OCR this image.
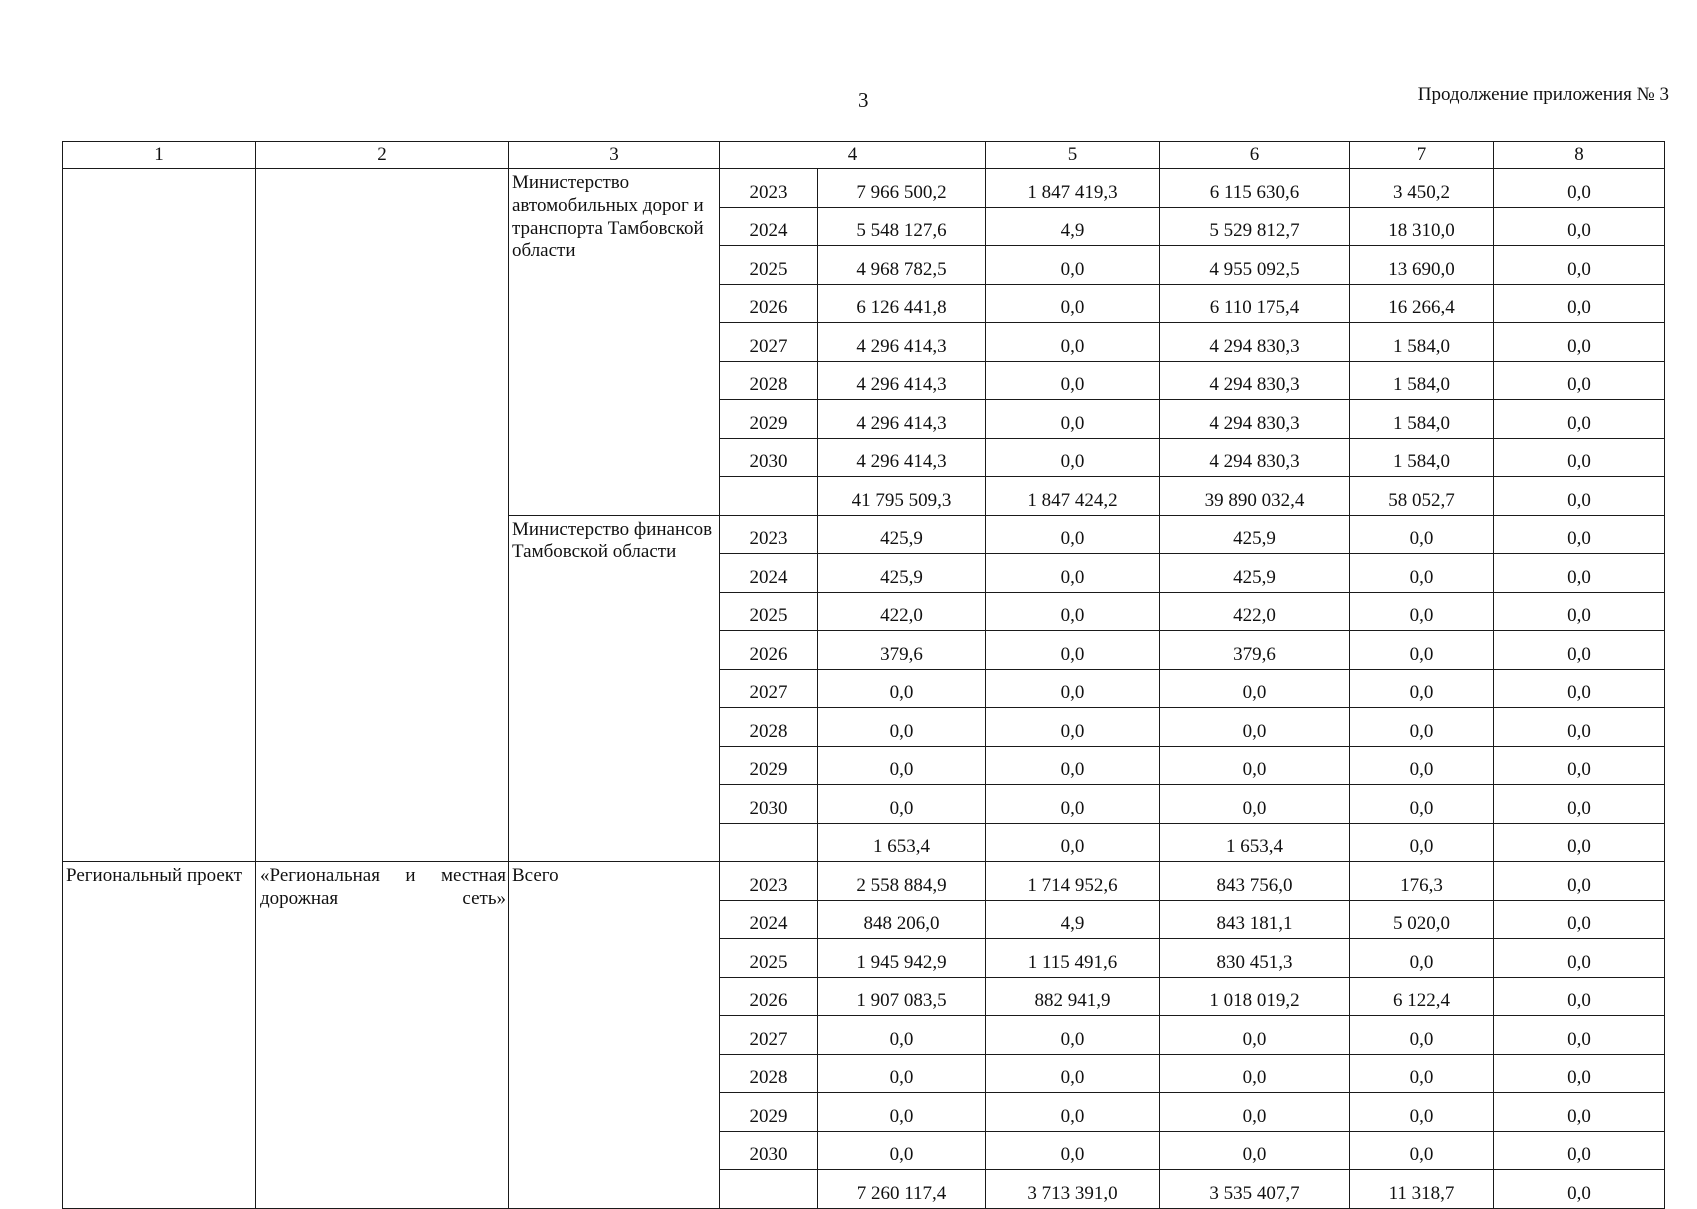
3	Продолжение приложения № 3
1	2	3	4		5	6	7	8
		Министерство автомобильных дорог и транспорта Тамбовской области	2023	7 966 500,2	1 847 419,3	6 115 630,6	3 450,2	0,0
			2024	5 548 127,6	4,9	5 529 812,7	18 310,0	0,0
			2025	4 968 782,5	0,0	4 955 092,5	13 690,0	0,0
			2026	6 126 441,8	0,0	6 110 175,4	16 266,4	0,0
			2027	4 296 414,3	0,0	4 294 830,3	1 584,0	0,0
			2028	4 296 414,3	0,0	4 294 830,3	1 584,0	0,0
			2029	4 296 414,3	0,0	4 294 830,3	1 584,0	0,0
			2030	4 296 414,3	0,0	4 294 830,3	1 584,0	0,0
				41 795 509,3	1 847 424,2	39 890 032,4	58 052,7	0,0
		Министерство финансов Тамбовской области	2023	425,9	0,0	425,9	0,0	0,0
			2024	425,9	0,0	425,9	0,0	0,0
			2025	422,0	0,0	422,0	0,0	0,0
			2026	379,6	0,0	379,6	0,0	0,0
			2027	0,0	0,0	0,0	0,0	0,0
			2028	0,0	0,0	0,0	0,0	0,0
			2029	0,0	0,0	0,0	0,0	0,0
			2030	0,0	0,0	0,0	0,0	0,0
				1 653,4	0,0	1 653,4	0,0	0,0
Региональный проект	«Региональная и местная дорожная сеть»	Всего	2023	2 558 884,9	1 714 952,6	843 756,0	176,3	0,0
			2024	848 206,0	4,9	843 181,1	5 020,0	0,0
			2025	1 945 942,9	1 115 491,6	830 451,3	0,0	0,0
			2026	1 907 083,5	882 941,9	1 018 019,2	6 122,4	0,0
			2027	0,0	0,0	0,0	0,0	0,0
			2028	0,0	0,0	0,0	0,0	0,0
			2029	0,0	0,0	0,0	0,0	0,0
			2030	0,0	0,0	0,0	0,0	0,0
				7 260 117,4	3 713 391,0	3 535 407,7	11 318,7	0,0
